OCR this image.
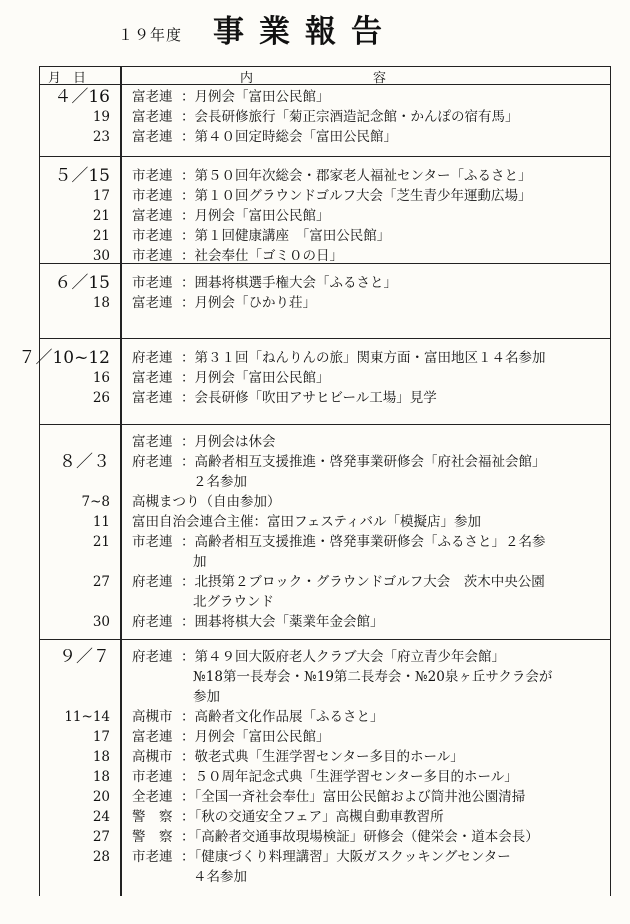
１９年度 事業報告
月日	内容
４／16 富老連 ：月例会「富田公民館」
19 富老連 ：会長研修旅行「菊正宗酒造記念館・かんぽの宿有馬」
23 富老連 ：第４０回定時総会「富田公民館」
５／15 市老連 ：第５０回年次総会・郡家老人福祉センター「ふるさと」
17 市老連 ：第１０回グラウンドゴルフ大会「芝生青少年運動広場」
21 富老連 ：月例会「富田公民館」
21 市老連 ：第１回健康講座　「富田公民館」
30 市老連 ：社会奉仕「ゴミ０の日」
６／15 市老連 ：囲碁将棋選手権大会「ふるさと」
18 富老連 ：月例会「ひかり荘」
７／10~12 府老連 ：第３１回「ねんりんの旅」関東方面・富田地区１４名参加
16 富老連 ：月例会「富田公民館」
26 富老連 ：会長研修「吹田アサヒビール工場」見学
富老連 ：月例会は休会
８／３ 府老連 ：高齢者相互支援推進・啓発事業研修会「府社会福祉会館」
２名参加
7~8 高槻まつり（自由参加）
11 富田自治会連合主催：富田フェスティバル「模擬店」参加
21 市老連 ：高齢者相互支援推進・啓発事業研修会「ふるさと」２名参
加
27 府老連 ：北摂第２ブロック・グラウンドゴルフ大会　茨木中央公園
北グラウンド
30 府老連 ：囲碁将棋大会「薬業年金会館」
９／７ 府老連 ：第４９回大阪府老人クラブ大会「府立青少年会館」
№18第一長寿会・№19第二長寿会・№20泉ヶ丘サクラ会が
参加
11~14 高槻市 ：高齢者文化作品展「ふるさと」
17 富老連 ：月例会「富田公民館」
18 高槻市 ：敬老式典「生涯学習センター多目的ホール」
18 市老連 ：５０周年記念式典「生涯学習センター多目的ホール」
20 全老連 ：「全国一斉社会奉仕」富田公民館および筒井池公園清掃
24 警　察 ：「秋の交通安全フェア」高槻自動車教習所
27 警　察 ：「高齢者交通事故現場検証」研修会（健栄会・道本会長）
28 市老連 ：「健康づくり料理講習」大阪ガスクッキングセンター
４名参加
